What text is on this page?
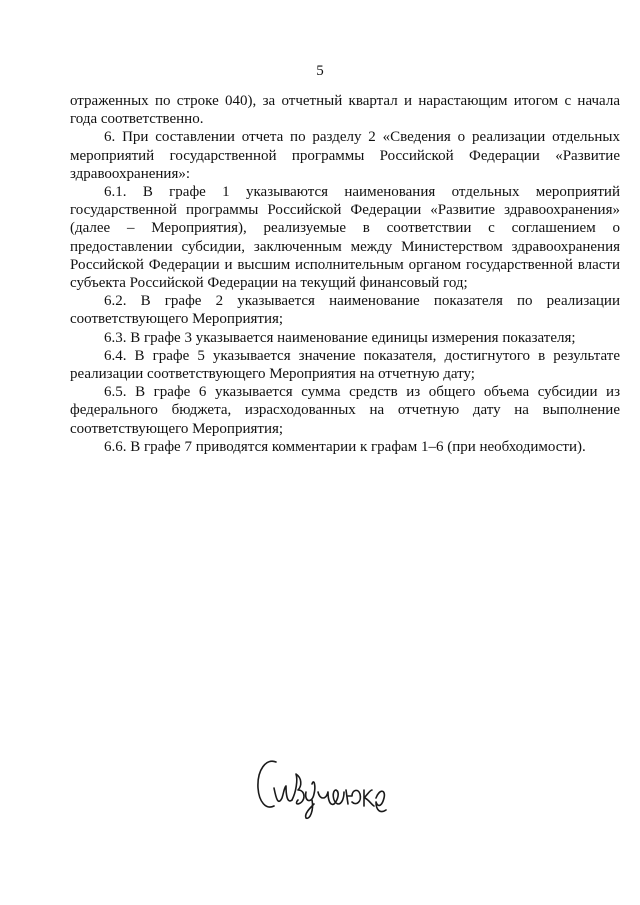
5

отраженных по строке 040), за отчетный квартал и нарастающим итогом с начала года соответственно.

6. При составлении отчета по разделу 2 «Сведения о реализации отдельных мероприятий государственной программы Российской Федерации «Развитие здравоохранения»:

6.1. В графе 1 указываются наименования отдельных мероприятий государственной программы Российской Федерации «Развитие здравоохранения» (далее – Мероприятия), реализуемые в соответствии с соглашением о предоставлении субсидии, заключенным между Министерством здравоохранения Российской Федерации и высшим исполнительным органом государственной власти субъекта Российской Федерации на текущий финансовый год;

6.2. В графе 2 указывается наименование показателя по реализации соответствующего Мероприятия;

6.3. В графе 3 указывается наименование единицы измерения показателя;

6.4. В графе 5 указывается значение показателя, достигнутого в результате реализации соответствующего Мероприятия на отчетную дату;

6.5. В графе 6 указывается сумма средств из общего объема субсидии из федерального бюджета, израсходованных на отчетную дату на выполнение соответствующего Мероприятия;

6.6. В графе 7 приводятся комментарии к графам 1–6 (при необходимости).
